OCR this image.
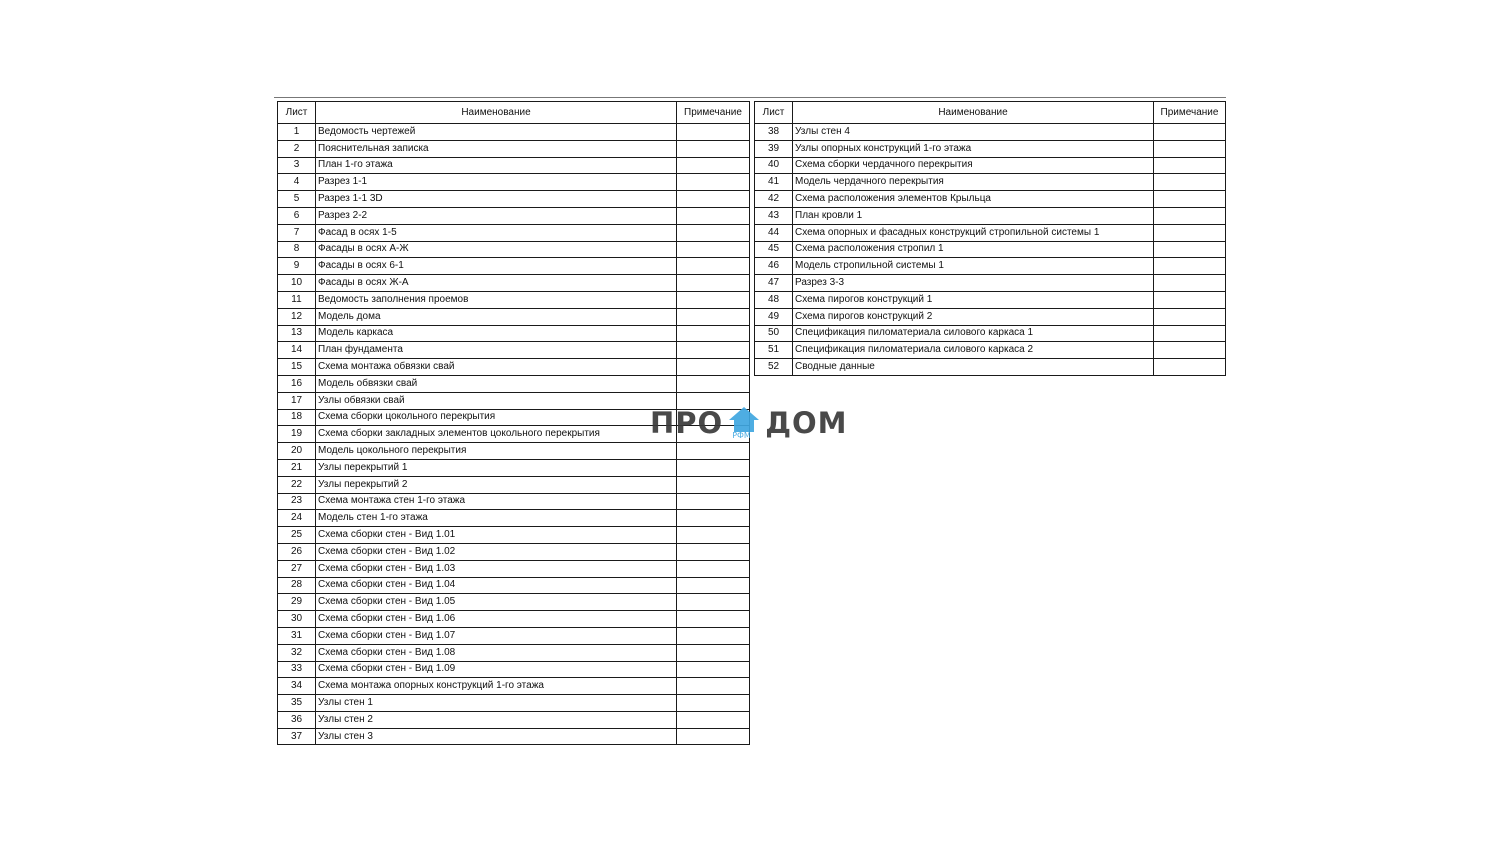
Лист	Наименование	Примечание
1	Ведомость чертежей	
2	Пояснительная записка	
3	План 1-го этажа	
4	Разрез 1-1	
5	Разрез 1-1 3D	
6	Разрез 2-2	
7	Фасад в осях 1-5	
8	Фасады в осях А-Ж	
9	Фасады в осях 6-1	
10	Фасады в осях Ж-А	
11	Ведомость заполнения проемов	
12	Модель дома	
13	Модель каркаса	
14	План фундамента	
15	Схема монтажа обвязки свай	
16	Модель обвязки свай	
17	Узлы обвязки свай	
18	Схема сборки цокольного перекрытия	
19	Схема сборки закладных элементов цокольного перекрытия	
20	Модель цокольного перекрытия	
21	Узлы перекрытий 1	
22	Узлы перекрытий 2	
23	Схема монтажа стен 1-го этажа	
24	Модель стен 1-го этажа	
25	Схема сборки стен - Вид 1.01	
26	Схема сборки стен - Вид 1.02	
27	Схема сборки стен - Вид 1.03	
28	Схема сборки стен - Вид 1.04	
29	Схема сборки стен - Вид 1.05	
30	Схема сборки стен - Вид 1.06	
31	Схема сборки стен - Вид 1.07	
32	Схема сборки стен - Вид 1.08	
33	Схема сборки стен - Вид 1.09	
34	Схема монтажа опорных конструкций 1-го этажа	
35	Узлы стен 1	
36	Узлы стен 2	
37	Узлы стен 3	
Лист	Наименование	Примечание
38	Узлы стен 4	
39	Узлы опорных конструкций 1-го этажа	
40	Схема сборки чердачного перекрытия	
41	Модель чердачного перекрытия	
42	Схема расположения элементов Крыльца	
43	План кровли 1	
44	Схема опорных и фасадных конструкций стропильной системы 1	
45	Схема расположения стропил 1	
46	Модель стропильной системы 1	
47	Разрез 3-3	
48	Схема пирогов конструкций 1	
49	Схема пирогов конструкций 2	
50	Спецификация пиломатериала силового каркаса 1	
51	Спецификация пиломатериала силового каркаса 2	
52	Сводные данные	
ПРО РФМ ДОМ
